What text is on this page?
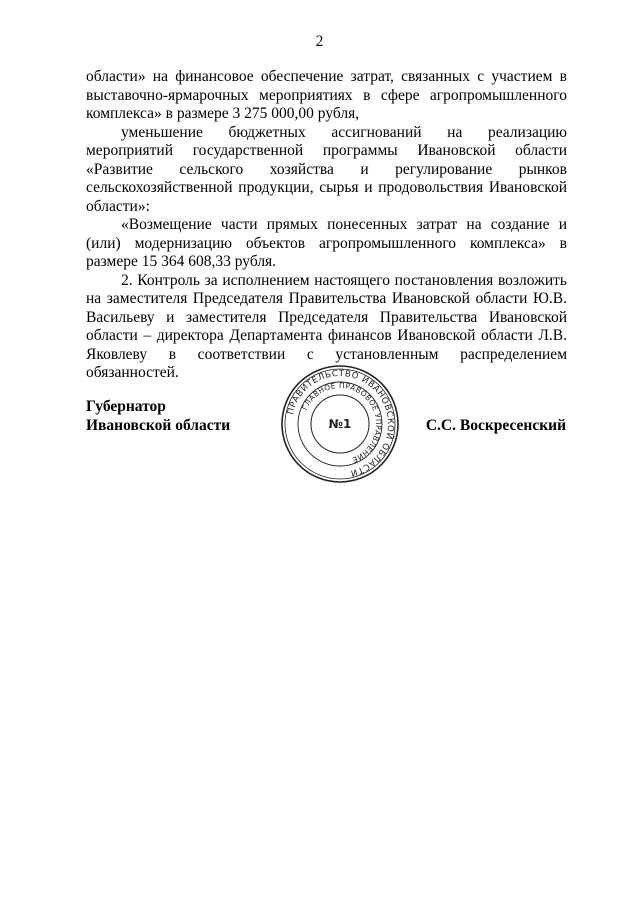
2

области» на финансовое обеспечение затрат, связанных с участием в выставочно-ярмарочных мероприятиях в сфере агропромышленного комплекса» в размере 3 275 000,00 рубля,

уменьшение бюджетных ассигнований на реализацию мероприятий государственной программы Ивановской области «Развитие сельского хозяйства и регулирование рынков сельскохозяйственной продукции, сырья и продовольствия Ивановской области»:

«Возмещение части прямых понесенных затрат на создание и (или) модернизацию объектов агропромышленного комплекса» в размере 15 364 608,33 рубля.

2. Контроль за исполнением настоящего постановления возложить на заместителя Председателя Правительства Ивановской области Ю.В. Васильеву и заместителя Председателя Правительства Ивановской области – директора Департамента финансов Ивановской области Л.В. Яковлеву в соответствии с установленным распределением обязанностей.

Губернатор
Ивановской области
ПРАВИТЕЛЬСТВО ИВАНОВСКОЙ ОБЛАСТИ
ГЛАВНОЕ ПРАВОВОЕ УПРАВЛЕНИЕ
№1	С.С. Воскресенский
